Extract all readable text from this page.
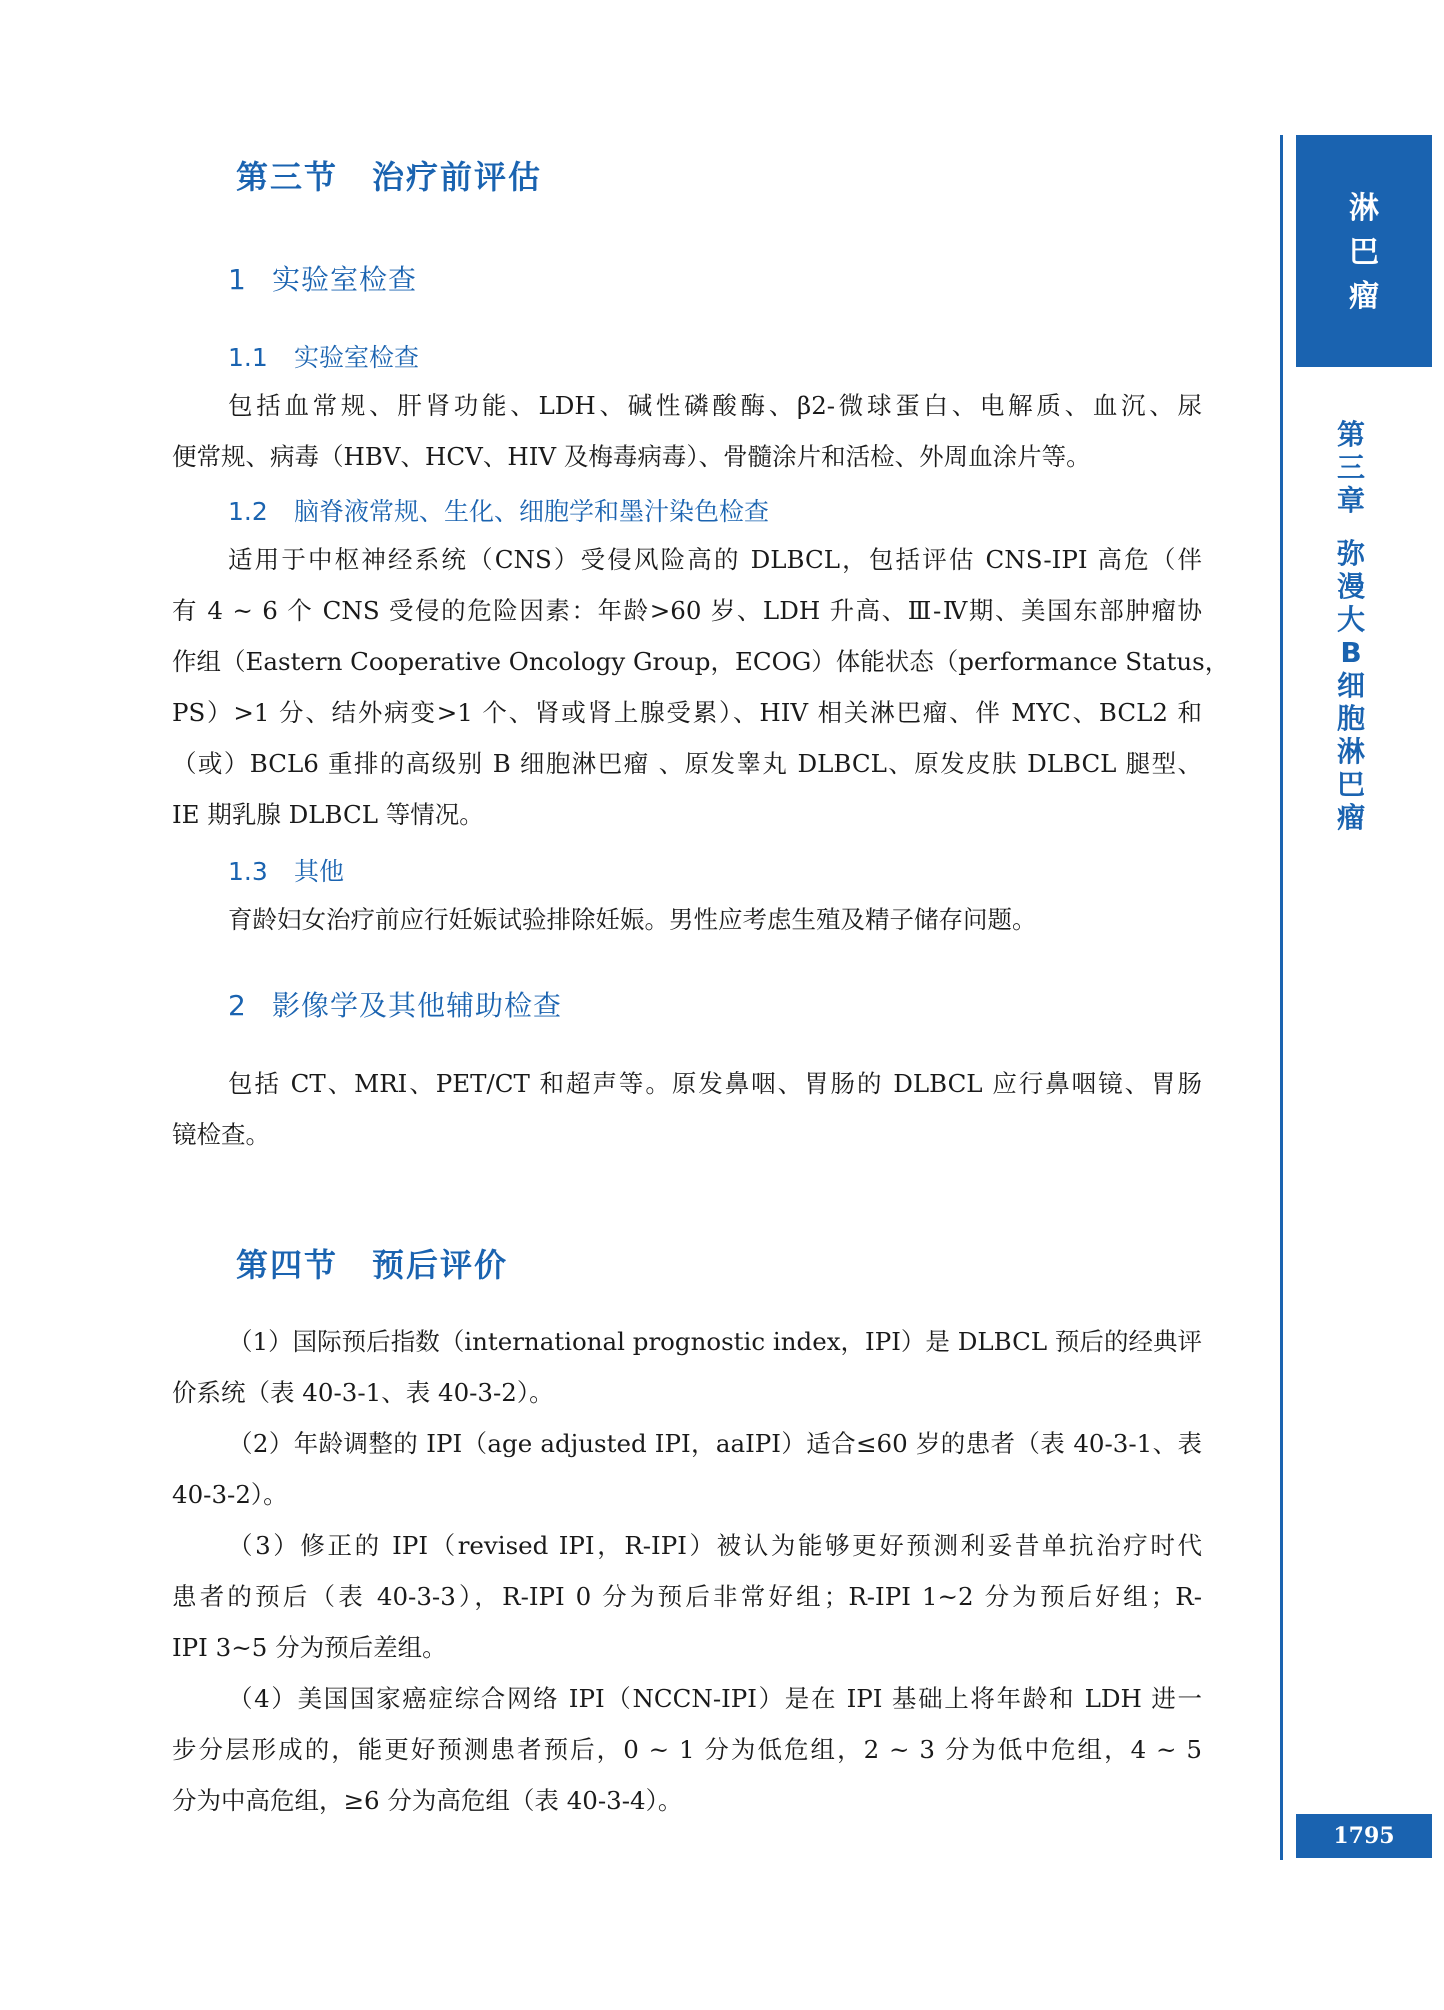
第三节 治疗前评估
1 实验室检查
1.1 实验室检查
包括血常规、肝肾功能、LDH、碱性磷酸酶、β2-微球蛋白、电解质、血沉、尿
便常规、病毒（HBV、HCV、HIV 及梅毒病毒）、骨髓涂片和活检、外周血涂片等。
1.2 脑脊液常规、生化、细胞学和墨汁染色检查
适用于中枢神经系统（CNS）受侵风险高的 DLBCL，包括评估 CNS-IPI 高危（伴
有 4 ~ 6 个 CNS 受侵的危险因素：年龄>60 岁、LDH 升高、Ⅲ-Ⅳ期、美国东部肿瘤协
作组（Eastern Cooperative Oncology Group，ECOG）体能状态（performance Status，
PS）>1 分、结外病变>1 个、肾或肾上腺受累）、HIV 相关淋巴瘤、伴 MYC、BCL2 和
（或）BCL6 重排的高级别 B 细胞淋巴瘤 、原发睾丸 DLBCL、原发皮肤 DLBCL 腿型、
ⅠE 期乳腺 DLBCL 等情况。
1.3 其他
育龄妇女治疗前应行妊娠试验排除妊娠。男性应考虑生殖及精子储存问题。
2 影像学及其他辅助检查
包括 CT、MRI、PET/CT 和超声等。原发鼻咽、胃肠的 DLBCL 应行鼻咽镜、胃肠
镜检查。
第四节 预后评价
（1）国际预后指数（international prognostic index，IPI）是 DLBCL 预后的经典评
价系统（表 40-3-1、表 40-3-2）。
（2）年龄调整的 IPI（age adjusted IPI，aaIPI）适合≤60 岁的患者（表 40-3-1、表
40-3-2）。
（3）修正的 IPI（revised IPI，R-IPI）被认为能够更好预测利妥昔单抗治疗时代
患者的预后（表 40-3-3），R-IPI 0 分为预后非常好组；R-IPI 1~2 分为预后好组；R-
IPI 3~5 分为预后差组。
（4）美国国家癌症综合网络 IPI（NCCN-IPI）是在 IPI 基础上将年龄和 LDH 进一
步分层形成的，能更好预测患者预后，0 ~ 1 分为低危组，2 ~ 3 分为低中危组，4 ~ 5
分为中高危组，≥6 分为高危组（表 40-3-4）。
淋
巴
瘤
第
三
章
弥
漫
大
B
细
胞
淋
巴
瘤
1795
